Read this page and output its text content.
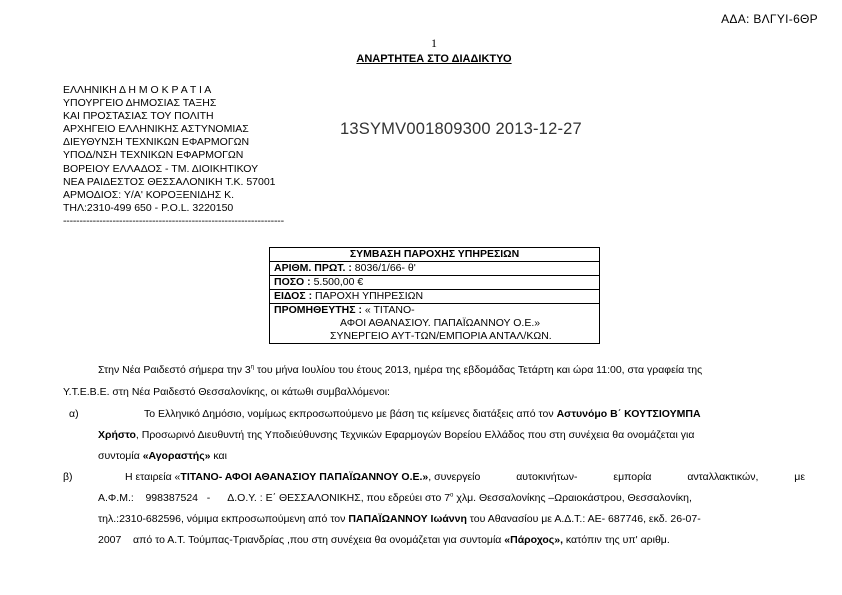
ΑΔΑ: ΒΛΓΥΙ-6ΘΡ
1
ΑΝΑΡΤΗΤΕΑ ΣΤΟ ΔΙΑΔΙΚΤΥΟ
ΕΛΛΗΝΙΚΗ Δ Η Μ Ο Κ Ρ Α Τ Ι Α
ΥΠΟΥΡΓΕΙΟ ΔΗΜΟΣΙΑΣ ΤΑΞΗΣ
ΚΑΙ ΠΡΟΣΤΑΣΙΑΣ ΤΟΥ ΠΟΛΙΤΗ
ΑΡΧΗΓΕΙΟ ΕΛΛΗΝΙΚΗΣ ΑΣΤΥΝΟΜΙΑΣ
ΔΙΕΥΘΥΝΣΗ ΤΕΧΝΙΚΩΝ ΕΦΑΡΜΟΓΩΝ
ΥΠΟΔ/ΝΣΗ ΤΕΧΝΙΚΩΝ ΕΦΑΡΜΟΓΩΝ
ΒΟΡΕΙΟΥ ΕΛΛΑΔΟΣ - ΤΜ. ΔΙΟΙΚΗΤΙΚΟΥ
ΝΕΑ ΡΑΙΔΕΣΤΟΣ ΘΕΣΣΑΛΟΝΙΚΗ Τ.Κ. 57001
ΑΡΜΟΔΙΟΣ: Υ/Α' ΚΟΡΟΞΕΝΙΔΗΣ Κ.
ΤΗΛ:2310-499 650 - P.O.L. 3220150
-------------------------------------------------------------------
13SYMV001809300 2013-12-27
ΣΥΜΒΑΣΗ ΠΑΡΟΧΗΣ ΥΠΗΡΕΣΙΩΝ
ΑΡΙΘΜ. ΠΡΩΤ. : 8036/1/66- θ'
ΠΟΣΟ : 5.500,00 €
ΕΙΔΟΣ : ΠΑΡΟΧΗ ΥΠΗΡΕΣΙΩΝ
ΠΡΟΜΗΘΕΥΤΗΣ : « ΤΙΤΑΝΟ-
ΑΦΟΙ ΑΘΑΝΑΣΙΟΥ. ΠΑΠΑΪΩΑΝΝΟΥ Ο.Ε.»
ΣΥΝΕΡΓΕΙΟ ΑΥΤ-ΤΩΝ/ΕΜΠΟΡΙΑ ΑΝΤΑΛ/ΚΩΝ.
Στην Νέα Ραιδεστό σήμερα την $3^\eta$ του μήνα Ιουλίου του έτους 2013, ημέρα της εβδομάδας Τετάρτη και ώρα 11:00, στα γραφεία της
Υ.Τ.Ε.Β.Ε. στη Νέα Ραιδεστό Θεσσαλονίκης, οι κάτωθι συμβαλλόμενοι:
α)	Το Ελληνικό Δημόσιο, νομίμως εκπροσωπούμενο με βάση τις κείμενες διατάξεις από τον Αστυνόμο Β΄ ΚΟΥΤΣΙΟΥΜΠΑ
Χρήστο, Προσωρινό Διευθυντή της Υποδιεύθυνσης Τεχνικών Εφαρμογών Βορείου Ελλάδος που στη συνέχεια θα ονομάζεται για
συντομία «Αγοραστής» και
β)	Η εταιρεία «ΤΙΤΑΝΟ- ΑΦΟΙ ΑΘΑΝΑΣΙΟΥ ΠΑΠΑΪΩΑΝΝΟΥ Ο.Ε.», συνεργείο	αυτοκινήτων-	εμπορία	ανταλλακτικών,	με
Α.Φ.Μ.: 998387524 - Δ.Ο.Υ. : Ε΄ ΘΕΣΣΑΛΟΝΙΚΗΣ, που εδρεύει στο $7^o$ χλμ. Θεσσαλονίκης –Ωραιοκάστρου, Θεσσαλονίκη,
τηλ.:2310-682596, νόμιμα εκπροσωπούμενη από τον ΠΑΠΑΪΩΑΝΝΟΥ Ιωάννη του Αθανασίου με Α.Δ.Τ.: ΑΕ- 687746, εκδ. 26-07-
2007 από το Α.Τ. Τούμπας-Τριανδρίας ,που στη συνέχεια θα ονομάζεται για συντομία «Πάροχος», κατόπιν της υπ' αριθμ.
